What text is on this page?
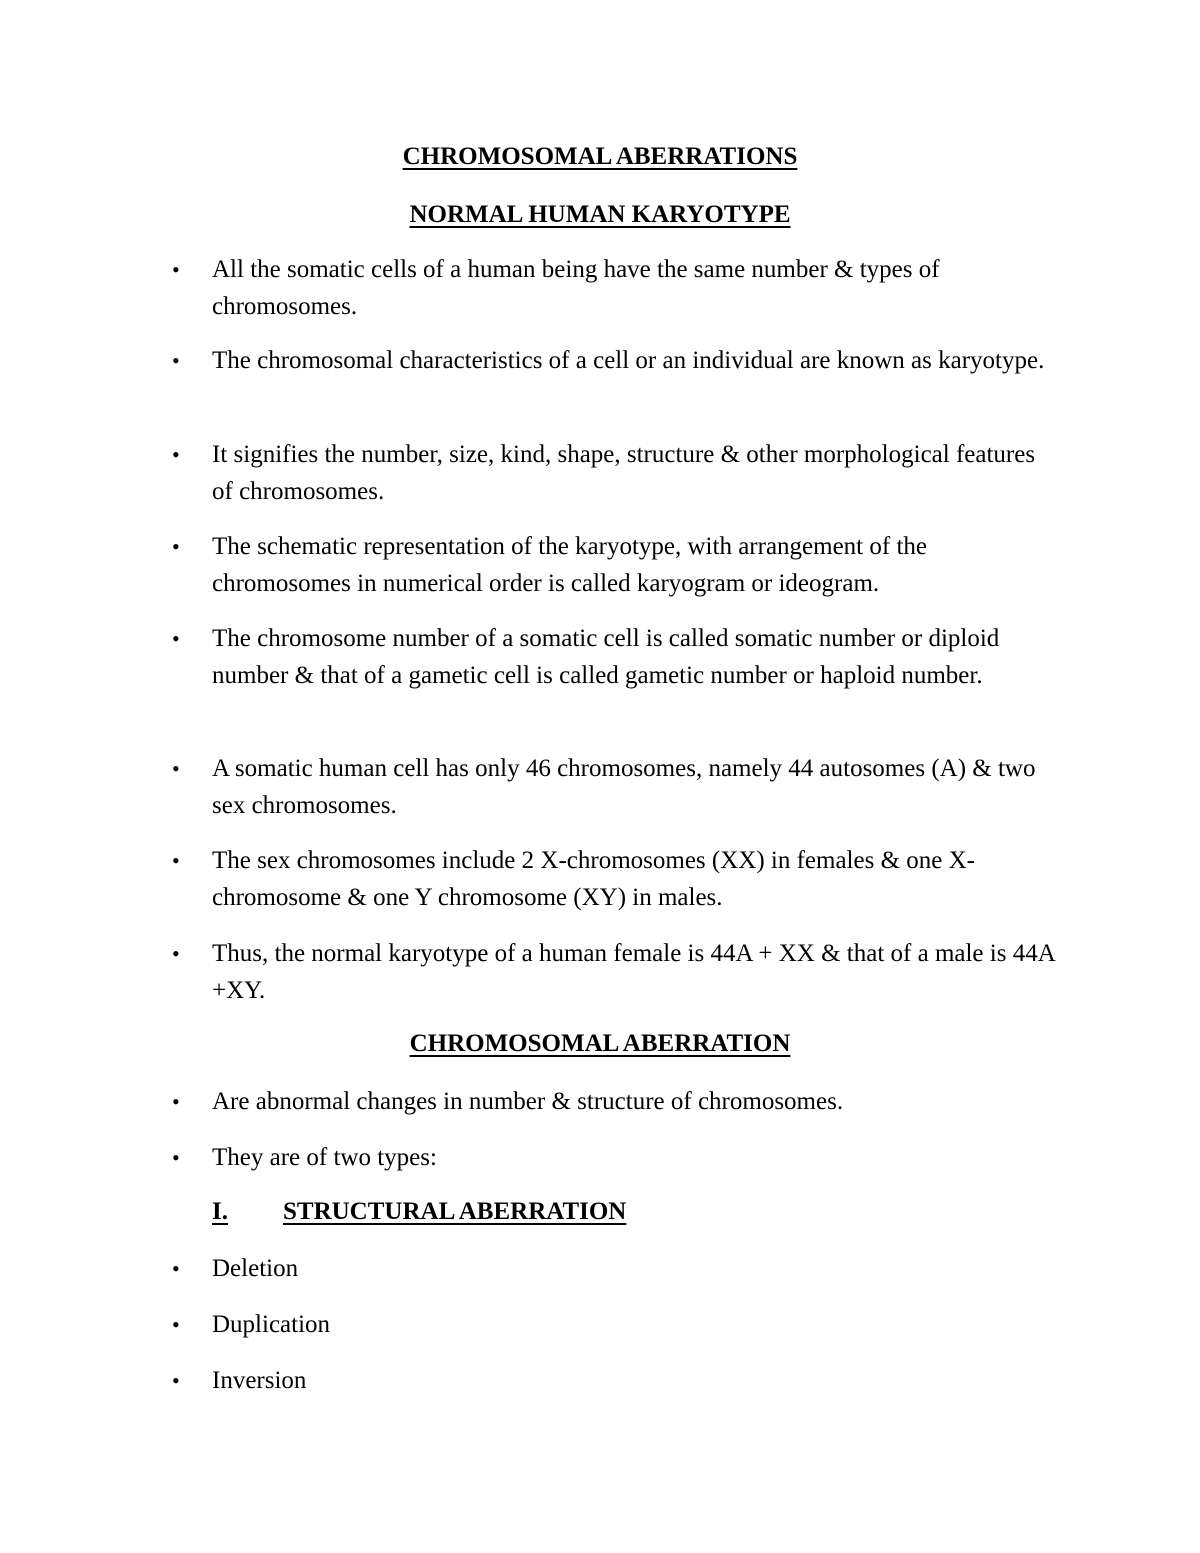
CHROMOSOMAL ABERRATIONS
NORMAL HUMAN KARYOTYPE
•	All the somatic cells of a human being have the same number & types of chromosomes.
•	The chromosomal characteristics of a cell or an individual are known as karyotype.
•	It signifies the number, size, kind, shape, structure & other morphological features of chromosomes.
•	The schematic representation of the karyotype, with arrangement of the chromosomes in numerical order is called karyogram or ideogram.
•	The chromosome number of a somatic cell is called somatic number or diploid number & that of a gametic cell is called gametic number or haploid number.
•	A somatic human cell has only 46 chromosomes, namely 44 autosomes (A) & two sex chromosomes.
•	The sex chromosomes include 2 X-chromosomes (XX) in females & one X-chromosome & one Y chromosome (XY) in males.
•	Thus, the normal karyotype of a human female is 44A + XX & that of a male is 44A +XY.
CHROMOSOMAL ABERRATION
•	Are abnormal changes in number & structure of chromosomes.
•	They are of two types:
I. STRUCTURAL ABERRATION
•	Deletion
•	Duplication
•	Inversion
